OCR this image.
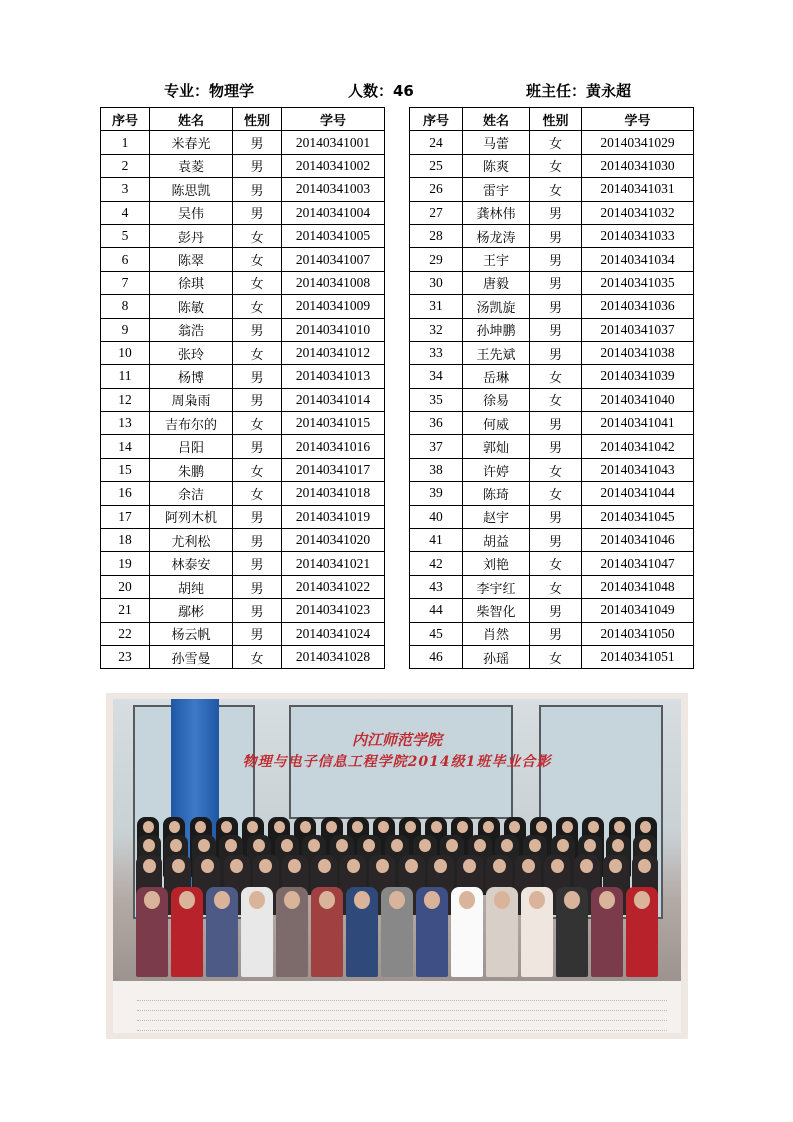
专业：物理学	人数：46	班主任：黄永超
序号	姓名	性别	学号
1	米春光	男	20140341001
2	袁菱	男	20140341002
3	陈思凯	男	20140341003
4	吴伟	男	20140341004
5	彭丹	女	20140341005
6	陈翠	女	20140341007
7	徐琪	女	20140341008
8	陈敏	女	20140341009
9	翁浩	男	20140341010
10	张玲	女	20140341012
11	杨博	男	20140341013
12	周枭雨	男	20140341014
13	吉布尔的	女	20140341015
14	吕阳	男	20140341016
15	朱鹏	女	20140341017
16	余洁	女	20140341018
17	阿列木机	男	20140341019
18	尤利松	男	20140341020
19	林泰安	男	20140341021
20	胡纯	男	20140341022
21	鄢彬	男	20140341023
22	杨云帆	男	20140341024
23	孙雪曼	女	20140341028
序号	姓名	性别	学号
24	马蕾	女	20140341029
25	陈爽	女	20140341030
26	雷宇	女	20140341031
27	龚林伟	男	20140341032
28	杨龙涛	男	20140341033
29	王宇	男	20140341034
30	唐毅	男	20140341035
31	汤凯旋	男	20140341036
32	孙坤鹏	男	20140341037
33	王先斌	男	20140341038
34	岳琳	女	20140341039
35	徐易	女	20140341040
36	何威	男	20140341041
37	郭灿	男	20140341042
38	许婷	女	20140341043
39	陈琦	女	20140341044
40	赵宇	男	20140341045
41	胡益	男	20140341046
42	刘艳	女	20140341047
43	李宇红	女	20140341048
44	柴智化	男	20140341049
45	肖然	男	20140341050
46	孙瑶	女	20140341051
内江师范学院
物理与电子信息工程学院2014级1班毕业合影
